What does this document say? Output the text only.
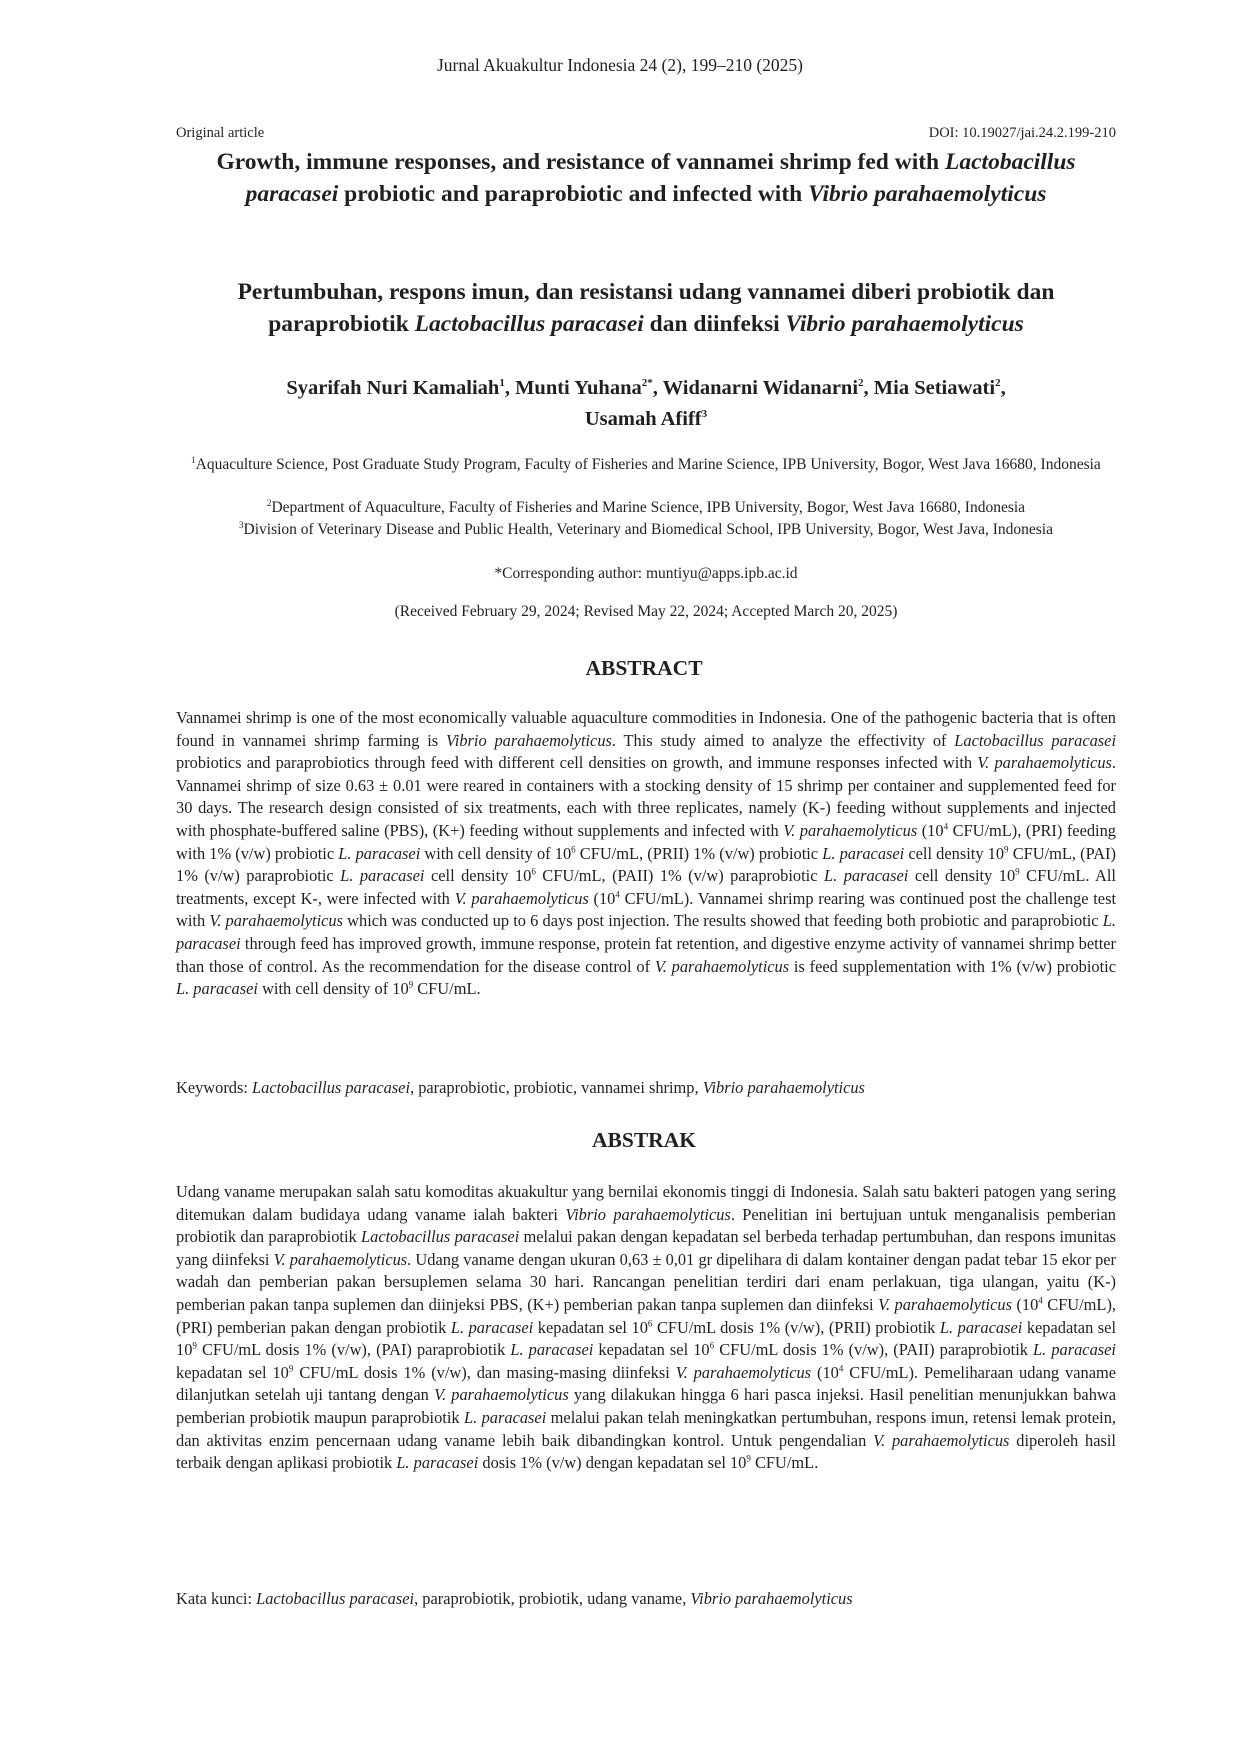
Jurnal Akuakultur Indonesia 24 (2), 199–210 (2025)
Original article	DOI: 10.19027/jai.24.2.199-210
Growth, immune responses, and resistance of vannamei shrimp fed with Lactobacillus paracasei probiotic and paraprobiotic and infected with Vibrio parahaemolyticus
Pertumbuhan, respons imun, dan resistansi udang vannamei diberi probiotik dan paraprobiotik Lactobacillus paracasei dan diinfeksi Vibrio parahaemolyticus
Syarifah Nuri Kamaliah$^1$, Munti Yuhana$^{2*}$, Widanarni Widanarni$^2$, Mia Setiawati$^2$,
Usamah Afiff$^3$
$^1$Aquaculture Science, Post Graduate Study Program, Faculty of Fisheries and Marine Science, IPB University, Bogor, West Java 16680, Indonesia
$^2$Department of Aquaculture, Faculty of Fisheries and Marine Science, IPB University, Bogor, West Java 16680, Indonesia
$^3$Division of Veterinary Disease and Public Health, Veterinary and Biomedical School, IPB University, Bogor, West Java, Indonesia
*Corresponding author: muntiyu@apps.ipb.ac.id
(Received February 29, 2024; Revised May 22, 2024; Accepted March 20, 2025)
ABSTRACT
Vannamei shrimp is one of the most economically valuable aquaculture commodities in Indonesia. One of the pathogenic bacteria that is often found in vannamei shrimp farming is Vibrio parahaemolyticus. This study aimed to analyze the effectivity of Lactobacillus paracasei probiotics and paraprobiotics through feed with different cell densities on growth, and immune responses infected with V. parahaemolyticus. Vannamei shrimp of size 0.63 ± 0.01 were reared in containers with a stocking density of 15 shrimp per container and supplemented feed for 30 days. The research design consisted of six treatments, each with three replicates, namely (K-) feeding without supplements and injected with phosphate-buffered saline (PBS), (K+) feeding without supplements and infected with V. parahaemolyticus ($10^4$ CFU/mL), (PRI) feeding with 1% (v/w) probiotic L. paracasei with cell density of $10^6$ CFU/mL, (PRII) 1% (v/w) probiotic L. paracasei cell density $10^9$ CFU/mL, (PAI) 1% (v/w) paraprobiotic L. paracasei cell density $10^6$ CFU/mL, (PAII) 1% (v/w) paraprobiotic L. paracasei cell density $10^9$ CFU/mL. All treatments, except K-, were infected with V. parahaemolyticus ($10^4$ CFU/mL). Vannamei shrimp rearing was continued post the challenge test with V. parahaemolyticus which was conducted up to 6 days post injection. The results showed that feeding both probiotic and paraprobiotic L. paracasei through feed has improved growth, immune response, protein fat retention, and digestive enzyme activity of vannamei shrimp better than those of control. As the recommendation for the disease control of V. parahaemolyticus is feed supplementation with 1% (v/w) probiotic L. paracasei with cell density of $10^9$ CFU/mL.
Keywords: Lactobacillus paracasei, paraprobiotic, probiotic, vannamei shrimp, Vibrio parahaemolyticus
ABSTRAK
Udang vaname merupakan salah satu komoditas akuakultur yang bernilai ekonomis tinggi di Indonesia. Salah satu bakteri patogen yang sering ditemukan dalam budidaya udang vaname ialah bakteri Vibrio parahaemolyticus. Penelitian ini bertujuan untuk menganalisis pemberian probiotik dan paraprobiotik Lactobacillus paracasei melalui pakan dengan kepadatan sel berbeda terhadap pertumbuhan, dan respons imunitas yang diinfeksi V. parahaemolyticus. Udang vaname dengan ukuran 0,63 ± 0,01 gr dipelihara di dalam kontainer dengan padat tebar 15 ekor per wadah dan pemberian pakan bersuplemen selama 30 hari. Rancangan penelitian terdiri dari enam perlakuan, tiga ulangan, yaitu (K-) pemberian pakan tanpa suplemen dan diinjeksi PBS, (K+) pemberian pakan tanpa suplemen dan diinfeksi V. parahaemolyticus ($10^4$ CFU/mL), (PRI) pemberian pakan dengan probiotik L. paracasei kepadatan sel $10^6$ CFU/mL dosis 1% (v/w), (PRII) probiotik L. paracasei kepadatan sel $10^9$ CFU/mL dosis 1% (v/w), (PAI) paraprobiotik L. paracasei kepadatan sel $10^6$ CFU/mL dosis 1% (v/w), (PAII) paraprobiotik L. paracasei kepadatan sel $10^9$ CFU/mL dosis 1% (v/w), dan masing-masing diinfeksi V. parahaemolyticus ($10^4$ CFU/mL). Pemeliharaan udang vaname dilanjutkan setelah uji tantang dengan V. parahaemolyticus yang dilakukan hingga 6 hari pasca injeksi. Hasil penelitian menunjukkan bahwa pemberian probiotik maupun paraprobiotik L. paracasei melalui pakan telah meningkatkan pertumbuhan, respons imun, retensi lemak protein, dan aktivitas enzim pencernaan udang vaname lebih baik dibandingkan kontrol. Untuk pengendalian V. parahaemolyticus diperoleh hasil terbaik dengan aplikasi probiotik L. paracasei dosis 1% (v/w) dengan kepadatan sel $10^9$ CFU/mL.
Kata kunci: Lactobacillus paracasei, paraprobiotik, probiotik, udang vaname, Vibrio parahaemolyticus
